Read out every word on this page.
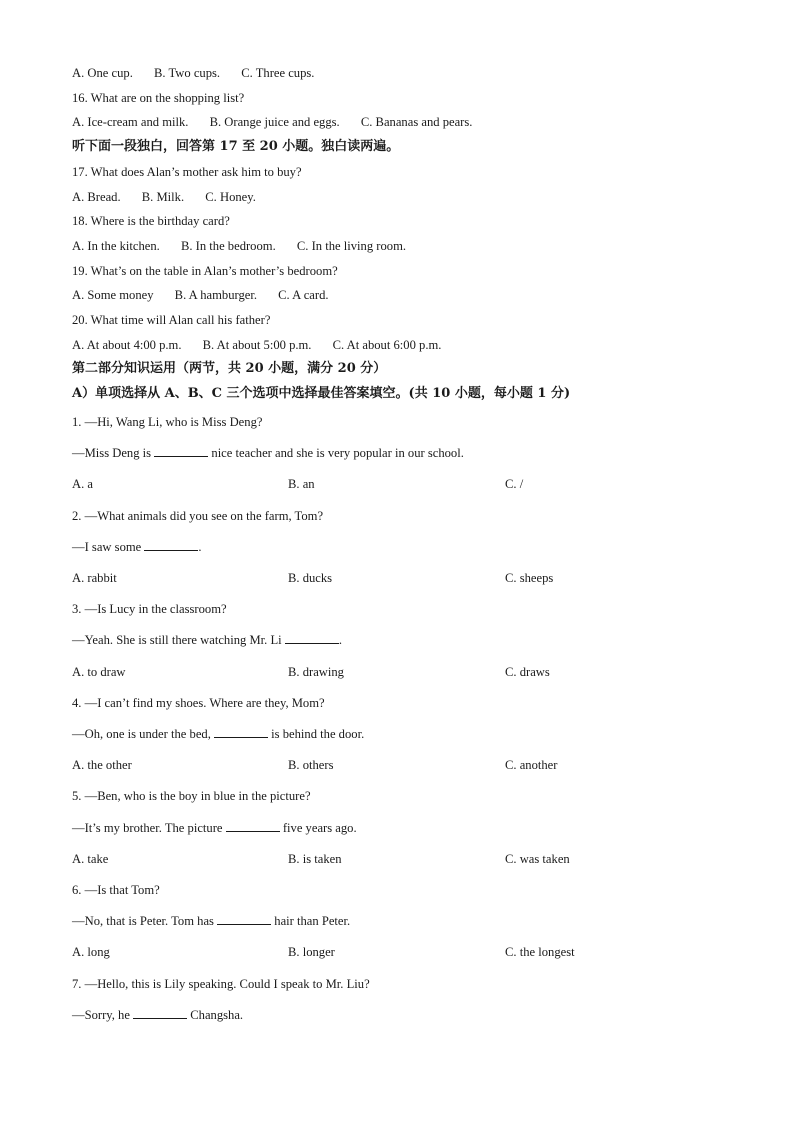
A. One cup. B. Two cups. C. Three cups.
16. What are on the shopping list?
A. Ice-cream and milk. B. Orange juice and eggs. C. Bananas and pears.
听下面一段独白，回答第 17 至 20 小题。独白读两遍。
17. What does Alan’s mother ask him to buy?
A. Bread. B. Milk. C. Honey.
18. Where is the birthday card?
A. In the kitchen. B. In the bedroom. C. In the living room.
19. What’s on the table in Alan’s mother’s bedroom?
A. Some money B. A hamburger. C. A card.
20. What time will Alan call his father?
A. At about 4:00 p.m. B. At about 5:00 p.m. C. At about 6:00 p.m.
第二部分知识运用（两节，共 20 小题，满分 20 分）
A）单项选择从 A、B、C 三个选项中选择最佳答案填空。(共 10 小题，每小题 1 分)
1. —Hi, Wang Li, who is Miss Deng?
—Miss Deng is	nice teacher and she is very popular in our school.
A. a	B. an	C. /
2. —What animals did you see on the farm, Tom?
—I saw some	.
A. rabbit	B. ducks	C. sheeps
3. —Is Lucy in the classroom?
—Yeah. She is still there watching Mr. Li	.
A. to draw	B. drawing	C. draws
4. —I can’t find my shoes. Where are they, Mom?
—Oh, one is under the bed,	is behind the door.
A. the other	B. others	C. another
5. —Ben, who is the boy in blue in the picture?
—It’s my brother. The picture	five years ago.
A. take	B. is taken	C. was taken
6. —Is that Tom?
—No, that is Peter. Tom has	hair than Peter.
A. long	B. longer	C. the longest
7. —Hello, this is Lily speaking. Could I speak to Mr. Liu?
—Sorry, he	Changsha.
